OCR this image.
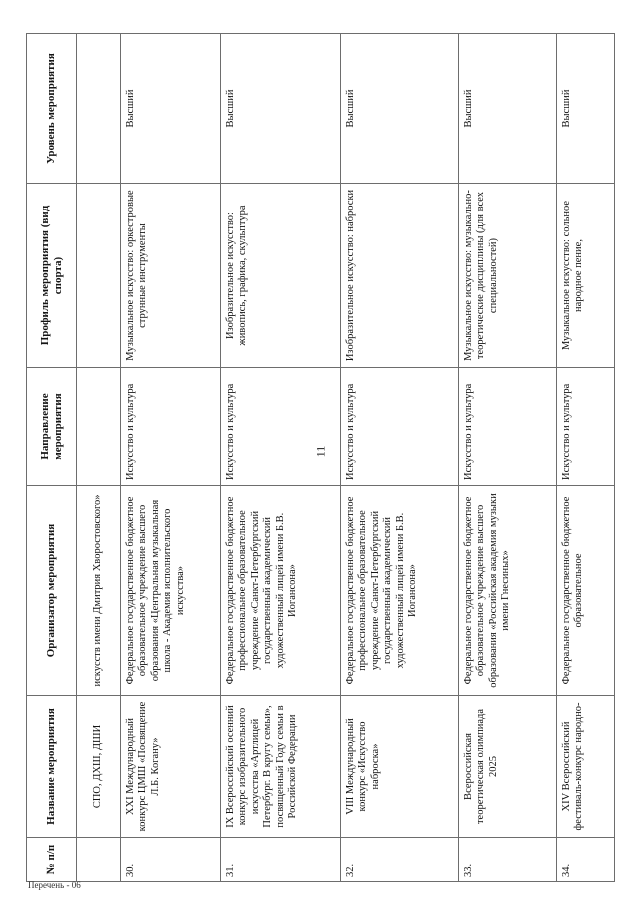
11
№ п/п	Название мероприятия	Организатор мероприятия	Направление мероприятия	Профиль мероприятия (вид спорта)	Уровень мероприятия
	СПО, ДХШ, ДШИ	искусств имени Дмитрия Хворостовского»			
30.	XXI Международный конкурс ЦМШ «Посвящение Л.Б. Когану»	Федеральное государственное бюджетное образовательное учреждение высшего образования «Центральная музыкальная школа - Академия исполнительского искусства»	Искусство и культура	Музыкальное искусство: оркестровые струнные инструменты	Высший
31.	IX Всероссийский осенний конкурс изобразительного искусства «Артлицей Петербург. В кругу семьи», посвященный Году семьи в Российской Федерации	Федеральное государственное бюджетное профессиональное образовательное учреждение «Санкт-Петербургский государственный академический художественный лицей имени Б.В. Иогансона»	Искусство и культура	Изобразительное искусство: живопись, графика, скульптура	Высший
32.	VIII Международный конкурс «Искусство наброска»	Федеральное государственное бюджетное профессиональное образовательное учреждение «Санкт-Петербургский государственный академический художественный лицей имени Б.В. Иогансона»	Искусство и культура	Изобразительное искусство: наброски	Высший
33.	Всероссийская теоретическая олимпиада 2025	Федеральное государственное бюджетное образовательное учреждение высшего образования «Российская академия музыки имени Гнесиных»	Искусство и культура	Музыкальное искусство: музыкально-теоретические дисциплины (для всех специальностей)	Высший
34.	XIV Всероссийский фестиваль-конкурс народно-	Федеральное государственное бюджетное образовательное	Искусство и культура	Музыкальное искусство: сольное народное пение,	Высший
Перечень - 06
